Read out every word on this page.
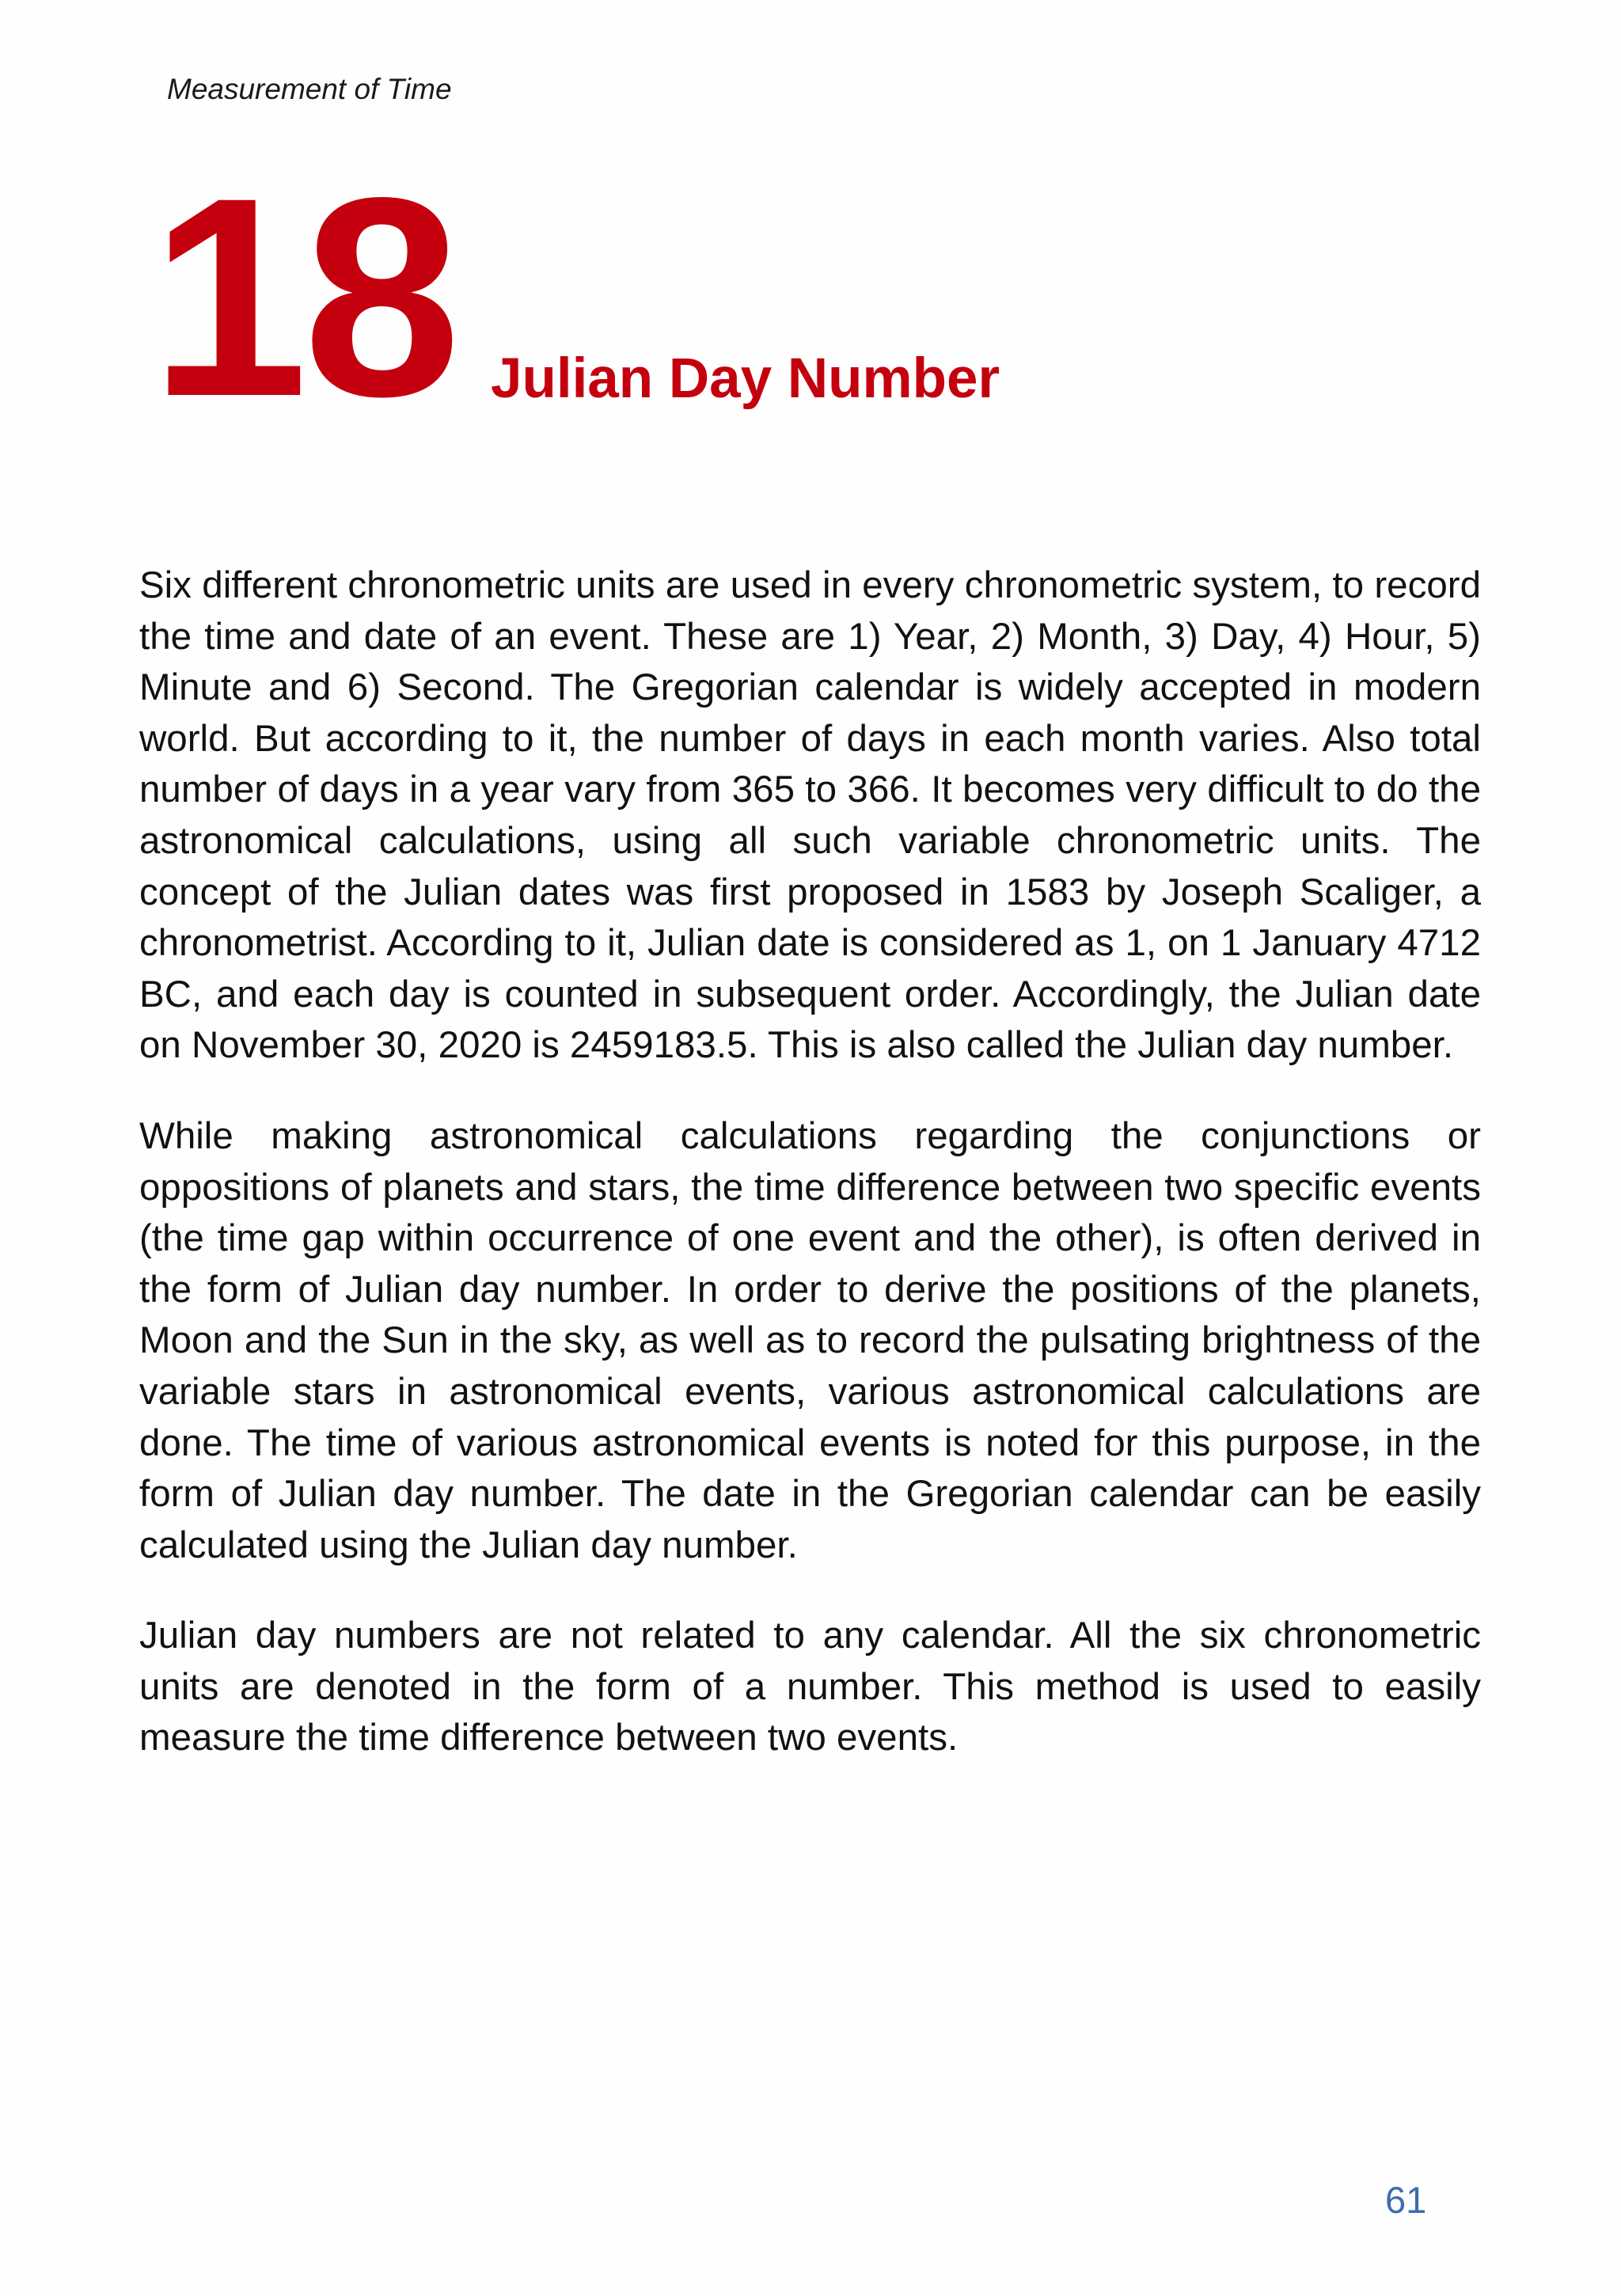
Measurement of Time
18 Julian Day Number

Six different chronometric units are used in every chronometric system, to record the time and date of an event. These are 1) Year, 2) Month, 3) Day, 4) Hour, 5) Minute and 6) Second. The Gregorian calendar is widely accepted in modern world. But according to it, the number of days in each month varies. Also total number of days in a year vary from 365 to 366. It becomes very difficult to do the astronomical calculations, using all such variable chronometric units. The concept of the Julian dates was first proposed in 1583 by Joseph Scaliger, a chronometrist. According to it, Julian date is considered as 1, on 1 January 4712 BC, and each day is counted in subsequent order. Accordingly, the Julian date on November 30, 2020 is 2459183.5. This is also called the Julian day number.

While making astronomical calculations regarding the conjunctions or oppositions of planets and stars, the time difference between two specific events (the time gap within occurrence of one event and the other), is often derived in the form of Julian day number. In order to derive the positions of the planets, Moon and the Sun in the sky, as well as to record the pulsating brightness of the variable stars in astronomical events, various astronomical calculations are done. The time of various astronomical events is noted for this purpose, in the form of Julian day number. The date in the Gregorian calendar can be easily calculated using the Julian day number.

Julian day numbers are not related to any calendar. All the six chronometric units are denoted in the form of a number. This method is used to easily measure the time difference between two events.

61
